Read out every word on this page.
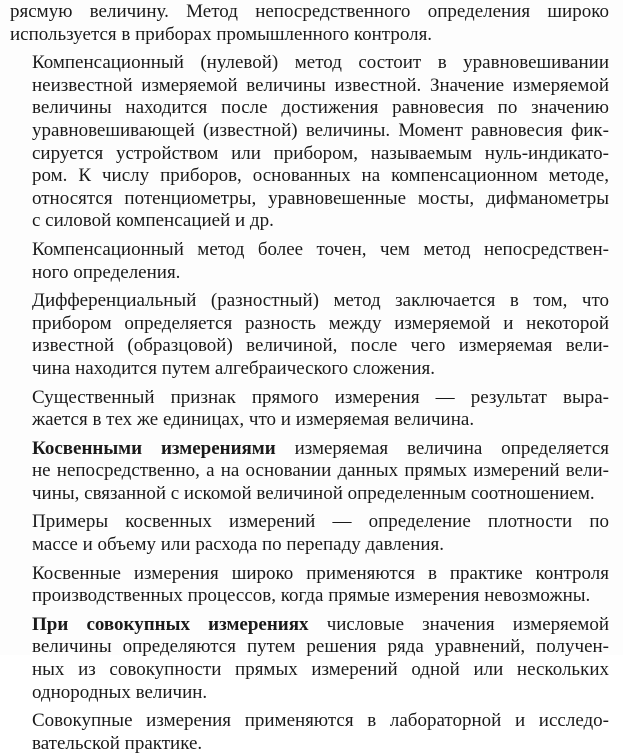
рясмую величину. Метод непосредственного определения широко
используется в приборах промышленного контроля.

Компенсационный (нулевой) метод состоит в уравновешивании
неизвестной измеряемой величины известной. Значение измеряемой
величины находится после достижения равновесия по значению
уравновешивающей (известной) величины. Момент равновесия фик-
сируется устройством или прибором, называемым нуль-индикато-
ром. К числу приборов, основанных на компенсационном методе,
относятся потенциометры, уравновешенные мосты, дифманометры
с силовой компенсацией и др.

Компенсационный метод более точен, чем метод непосредствен-
ного определения.

Дифференциальный (разностный) метод заключается в том, что
прибором определяется разность между измеряемой и некоторой
известной (образцовой) величиной, после чего измеряемая вели-
чина находится путем алгебраического сложения.

Существенный признак прямого измерения — результат выра-
жается в тех же единицах, что и измеряемая величина.

Косвенными измерениями измеряемая величина определяется
не непосредственно, а на основании данных прямых измерений вели-
чины, связанной с искомой величиной определенным соотношением.

Примеры косвенных измерений — определение плотности по
массе и объему или расхода по перепаду давления.

Косвенные измерения широко применяются в практике контроля
производственных процессов, когда прямые измерения невозможны.

При совокупных измерениях числовые значения измеряемой
величины определяются путем решения ряда уравнений, получен-
ных из совокупности прямых измерений одной или нескольких
однородных величин.

Совокупные измерения применяются в лабораторной и исследо-
вательской практике.
